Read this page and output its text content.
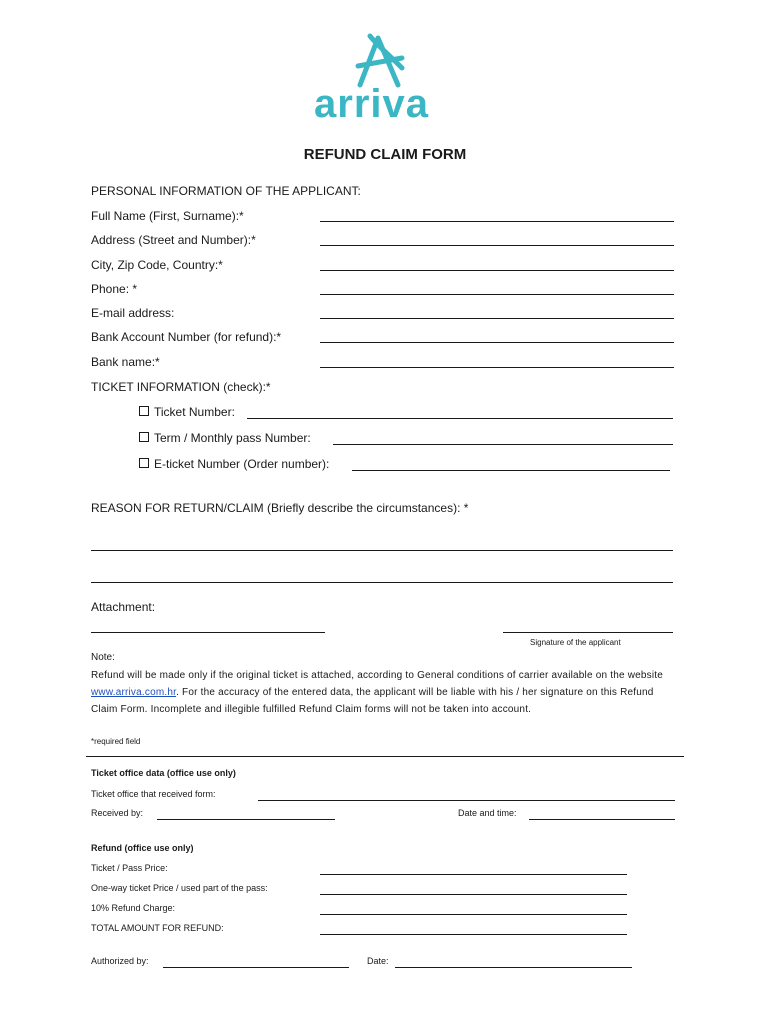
arriva
REFUND CLAIM FORM
PERSONAL INFORMATION OF THE APPLICANT:
Full Name (First, Surname):*
Address (Street and Number):*
City, Zip Code, Country:*
Phone: *
E-mail address:
Bank Account Number (for refund):*
Bank name:*
TICKET INFORMATION (check):*
Ticket Number:
Term / Monthly pass Number:
E-ticket Number (Order number):
REASON FOR RETURN/CLAIM (Briefly describe the circumstances): *
Attachment:
Signature of the applicant
Note:
Refund will be made only if the original ticket is attached, according to General conditions of carrier available on the website www.arriva.com.hr. For the accuracy of the entered data, the applicant will be liable with his / her signature on this Refund Claim Form. Incomplete and illegible fulfilled Refund Claim forms will not be taken into account.
*required field
Ticket office data (office use only)
Ticket office that received form:
Received by:	Date and time:
Refund (office use only)
Ticket / Pass Price:
One-way ticket Price / used part of the pass:
10% Refund Charge:
TOTAL AMOUNT FOR REFUND:
Authorized by:	Date:
